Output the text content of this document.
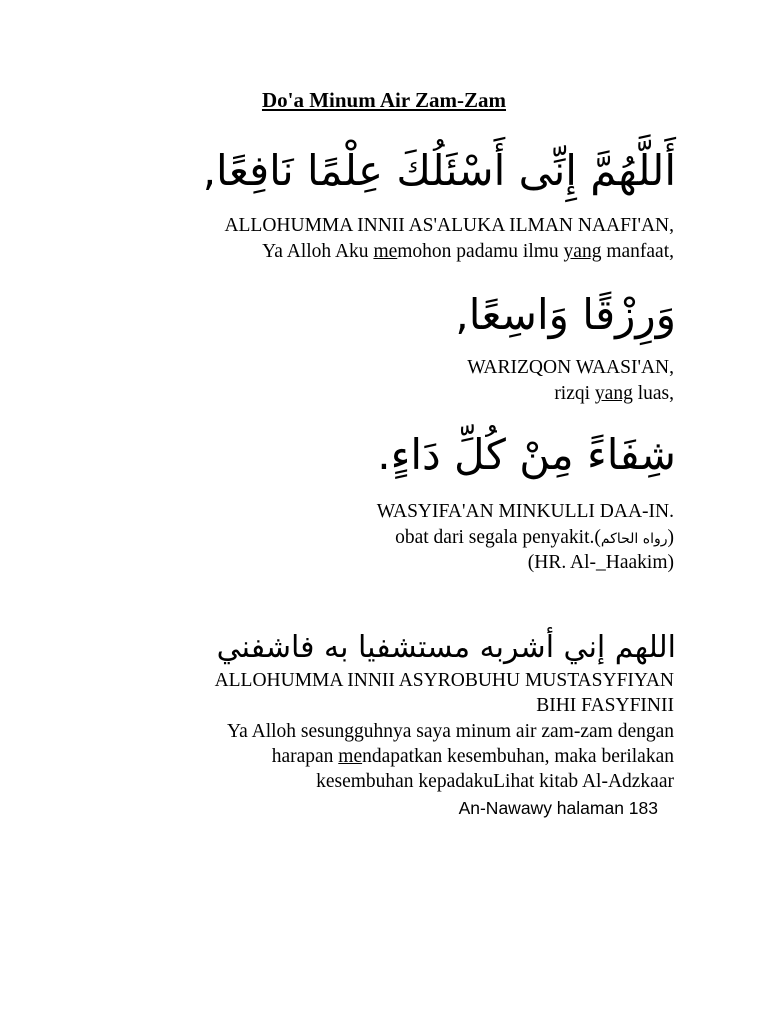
Do'a Minum Air Zam-Zam
أَللَّهُمَّ إِنِّى أَسْئَلُكَ عِلْمًا نَافِعًا,
ALLOHUMMA INNII AS'ALUKA ILMAN NAAFI'AN,
Ya Alloh Aku memohon padamu ilmu yang manfaat,
وَرِزْقًا وَاسِعًا,
WARIZQON WAASI'AN,
rizqi yang luas,
شِفَاءً مِنْ كُلِّ دَاءٍ.
WASYIFA'AN MINKULLI DAA-IN.
obat dari segala penyakit.(رواه الحاكم)
(HR. Al-_Haakim)
اللهم إني أشربه مستشفيا به فاشفني
ALLOHUMMA INNII ASYROBUHU MUSTASYFIYAN
BIHI FASYFINII
Ya Alloh sesungguhnya saya minum air zam-zam dengan
harapan mendapatkan kesembuhan, maka berilakan
kesembuhan kepadakuLihat kitab Al-Adzkaar
An-Nawawy halaman 183
